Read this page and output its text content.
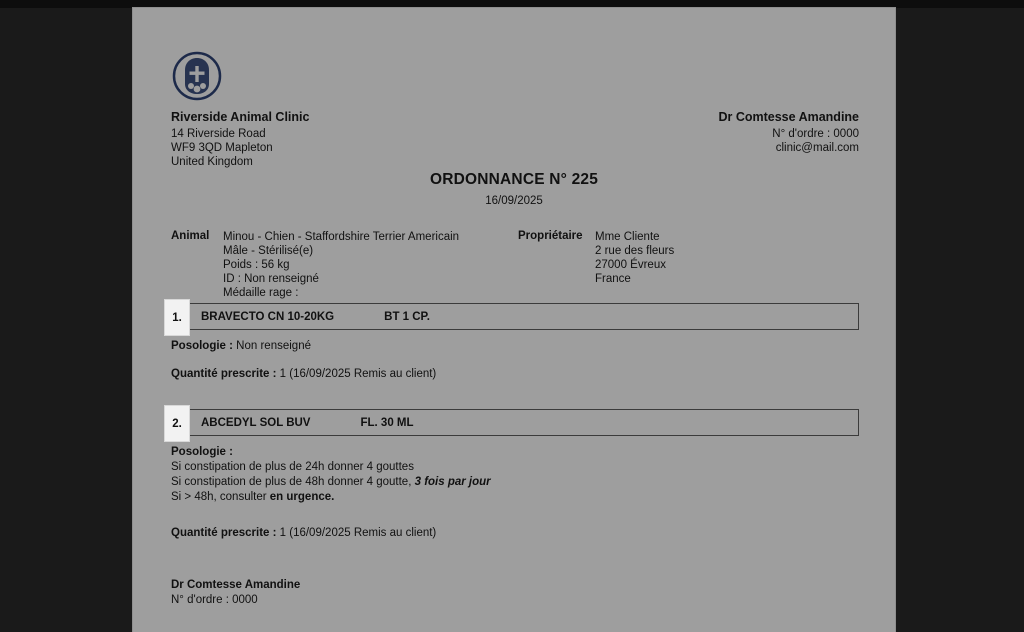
Riverside Animal Clinic
14 Riverside Road
WF9 3QD Mapleton
United Kingdom
Dr Comtesse Amandine
N° d'ordre : 0000
clinic@mail.com
ORDONNANCE N° 225
16/09/2025
Animal Minou - Chien - Staffordshire Terrier Americain
Mâle - Stérilisé(e)
Poids : 56 kg
ID : Non renseigné
Médaille rage :
Propriétaire Mme Cliente
2 rue des fleurs
27000 Évreux
France
1.	BRAVECTO CN 10-20KG	BT 1 CP.
Posologie : Non renseigné
Quantité prescrite : 1 (16/09/2025 Remis au client)
2.	ABCEDYL SOL BUV	FL. 30 ML
Posologie :
Si constipation de plus de 24h donner 4 gouttes
Si constipation de plus de 48h donner 4 goutte, 3 fois par jour
Si > 48h, consulter en urgence.
Quantité prescrite : 1 (16/09/2025 Remis au client)
Dr Comtesse Amandine
N° d'ordre : 0000
